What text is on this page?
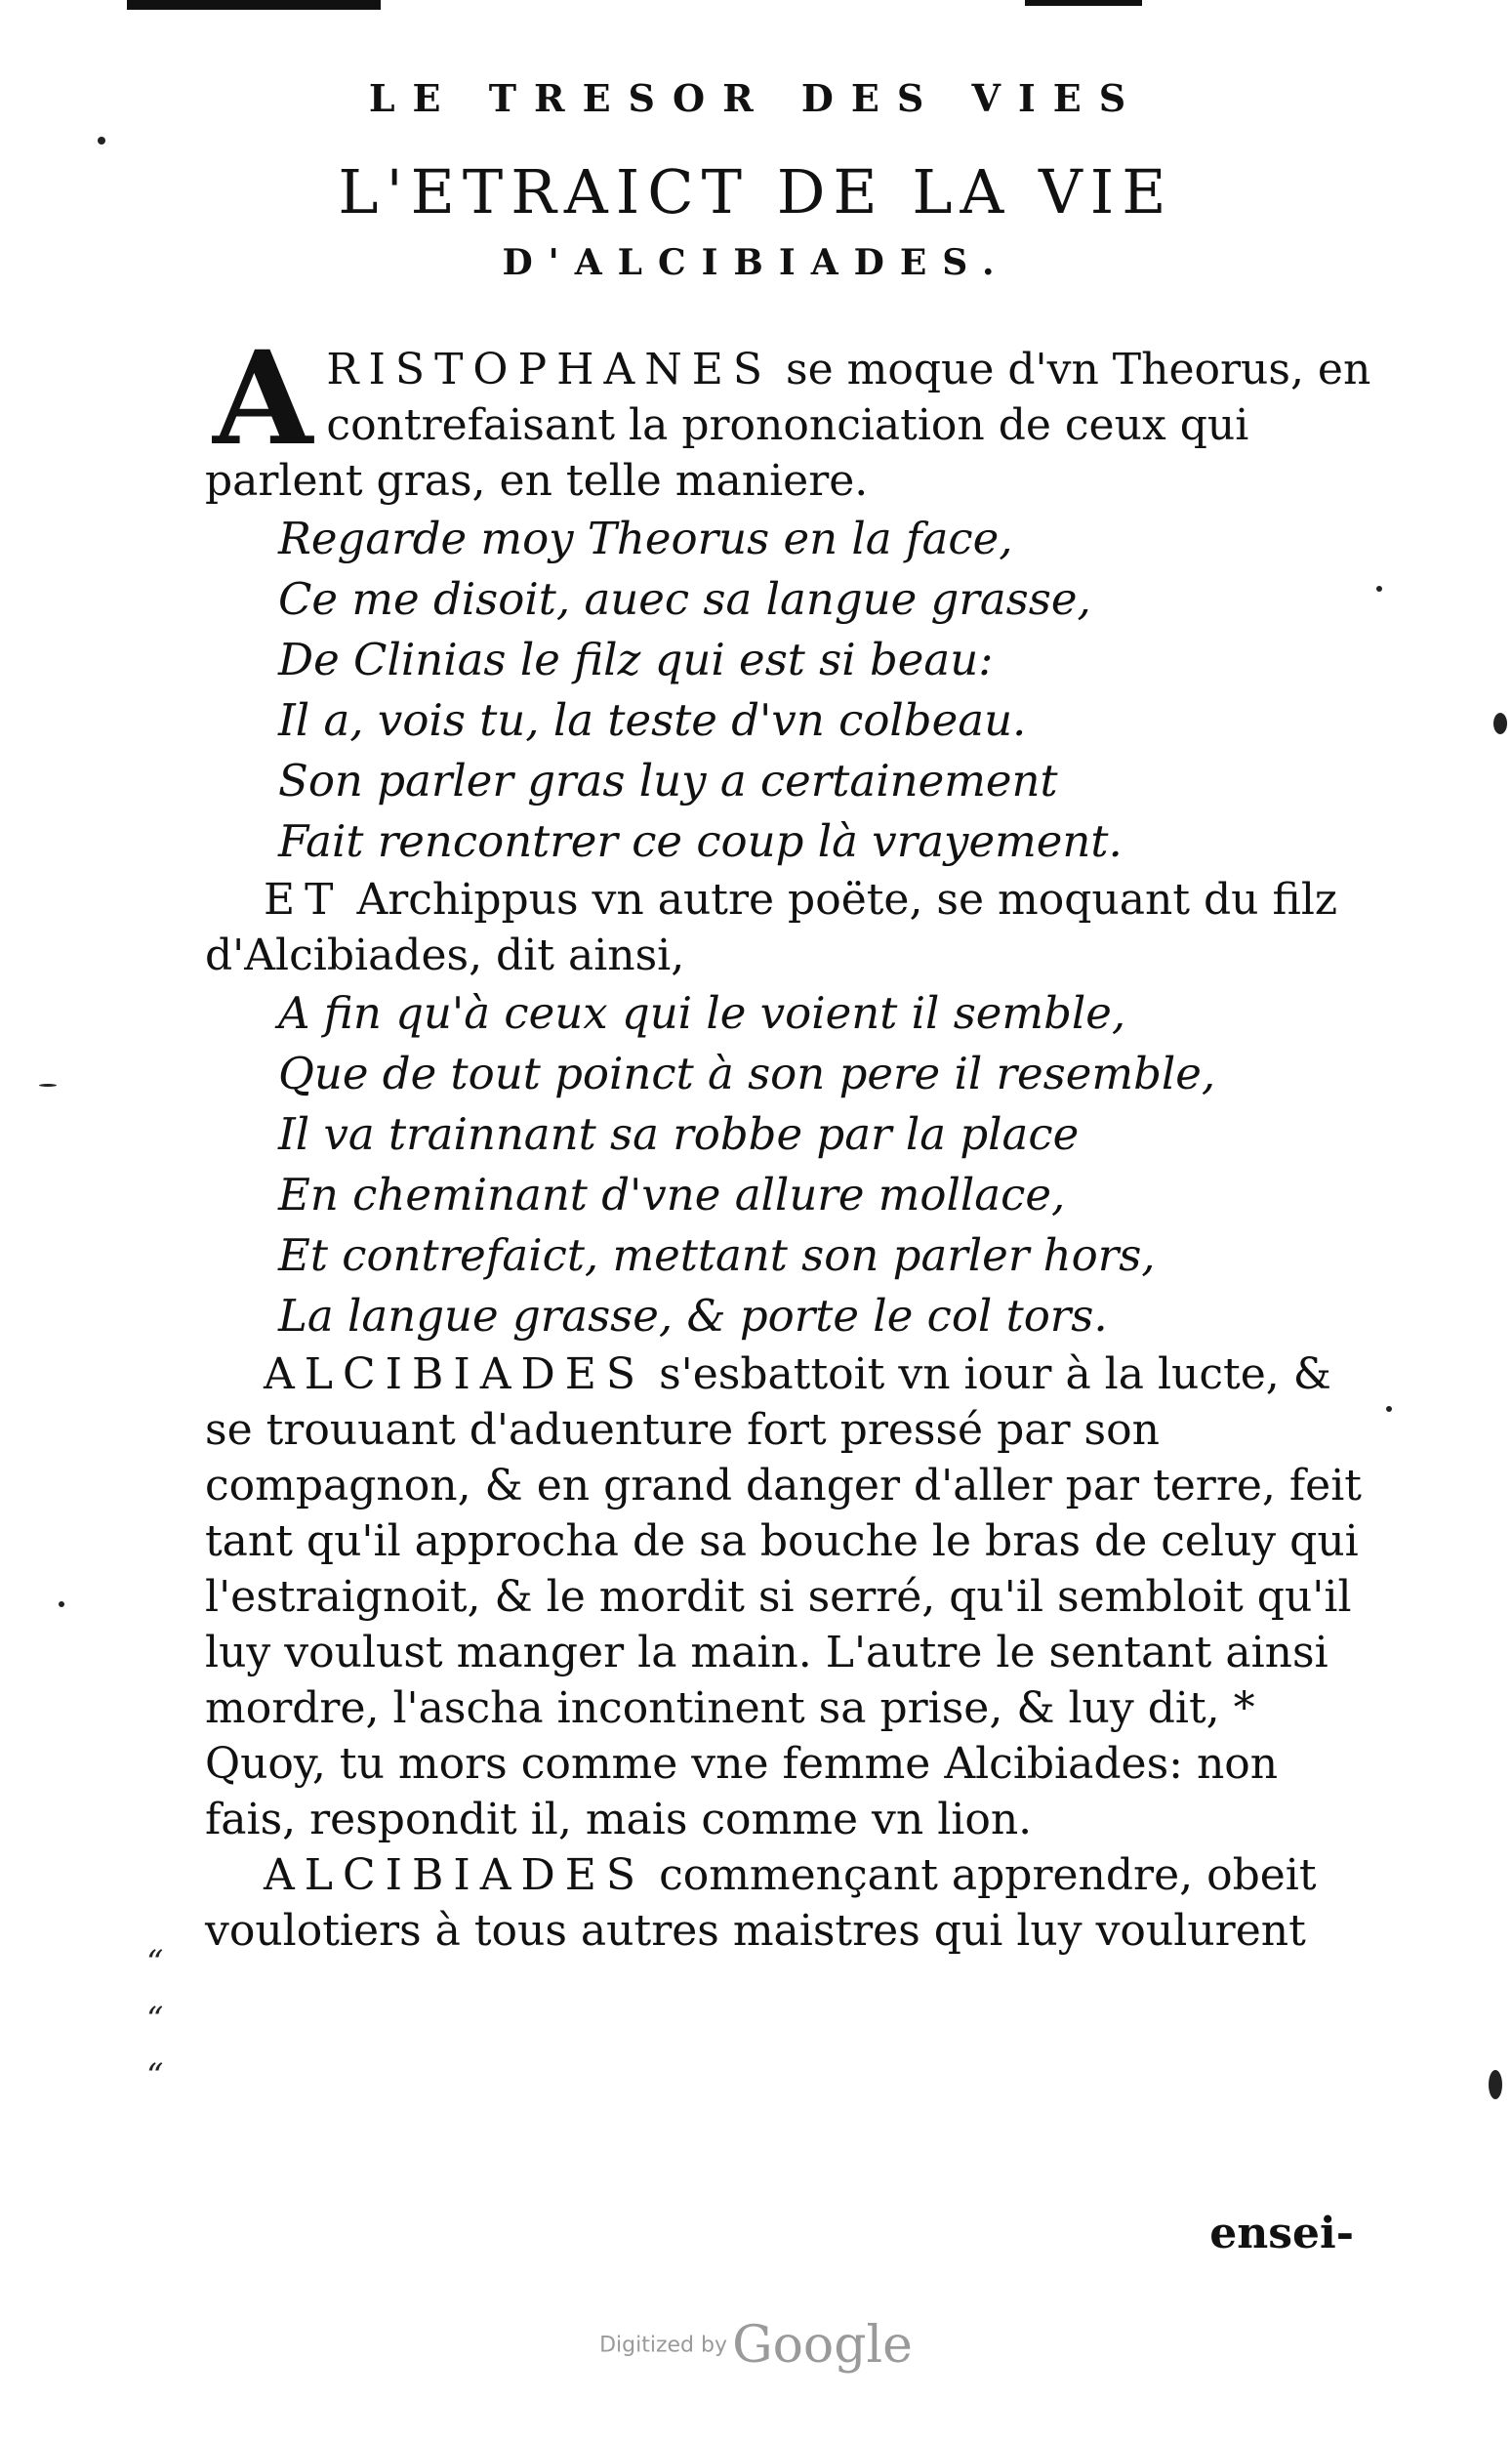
LE TRESOR DES VIES
L'ETRAICT DE LA VIE
D'ALCIBIADES.

ARISTOPHANES se moque d'vn Theorus, en contrefaisant la prononciation de ceux qui parlent gras, en telle maniere.

Regarde moy Theorus en la face,
Ce me disoit, auec sa langue grasse,
De Clinias le filz qui est si beau:
Il a, vois tu, la teste d'vn colbeau.
Son parler gras luy a certainement
Fait rencontrer ce coup là vrayement.

ET Archippus vn autre poëte, se moquant du filz d'Alcibiades, dit ainsi,

A fin qu'à ceux qui le voient il semble,
Que de tout poinct à son pere il resemble,
Il va trainnant sa robbe par la place
En cheminant d'vne allure mollace,
Et contrefaict, mettant son parler hors,
La langue grasse, & porte le col tors.

ALCIBIADES s'esbattoit vn iour à la lucte, & se trouuant d'aduenture fort pressé par son compagnon, & en grand danger d'aller par terre, feit tant qu'il approcha de sa bouche le bras de celuy qui l'estraignoit, & le mordit si serré, qu'il sembloit qu'il luy voulust manger la main. L'autre le sentant ainsi mordre, l'ascha incontinent sa prise, & luy dit, * Quoy, tu mors comme vne femme Alcibiades: non fais, respondit il, mais comme vn lion.

ALCIBIADES commençant apprendre, obeit voulotiers à tous autres maistres qui luy voulurent

“
“
“
ensei-
Digitized by Google
